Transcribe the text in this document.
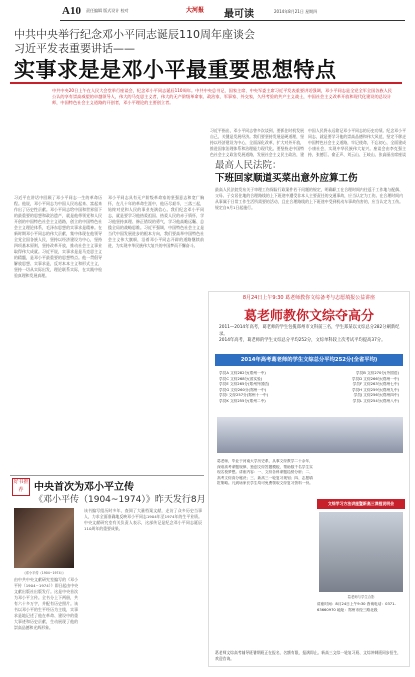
A10 责任编辑 版式设计 校对	大河报 最可读	2014年8月21日 星期四
中共中央举行纪念邓小平同志诞辰110周年座谈会
习近平发表重要讲话——
实事求是是邓小平最重要思想特点
中共中央20日上午在人民大会堂举行座谈会，纪念邓小平同志诞辰110周年。中共中央总书记、国家主席、中央军委主席习近平发表重要讲话强调，邓小平同志是全党全军全国各族人民公认的享有崇高威望的卓越领导人，伟大的马克思主义者，伟大的无产阶级革命家、政治家、军事家、外交家，久经考验的共产主义战士，中国社会主义改革开放和现代化建设的总设计师，中国特色社会主义道路的开创者，邓小平理论的主要创立者。
习近平在讲话中回顾了邓小平同志一生的革命历程。他说，邓小平同志为中国人民站起来、富起来作出了历史性贡献。邓小平同志给中国和世界留下的最重要的思想和政治遗产，就是他带领党和人民开创的中国特色社会主义道路，创立的中国特色社会主义理论体系，毛泽东思想的实事求是精神。在新时期邓小平同志的伟大贡献，集中体现在他领导全党全国各族人民，坚持以经济建设为中心，坚持四项基本原则，坚持改革开放，推动社会主义事业取得伟大成就。习近平说，实事求是是马克思主义的精髓，是邓小平最重要的思想特点。他一贯倡导解放思想、实事求是，反对本本主义和形式主义，坚持一切从实际出发，理论联系实际，在实践中检验真理和发展真理。
邓小平同志具有无产阶级革命家的坚强意志和宽广胸怀，在几十年的革命生涯中，他历尽艰辛，三落三起，始终对党和人民的事业充满信心。我们纪念邓小平同志，就是要学习他热爱祖国、热爱人民的赤子情怀，学习他坚持真理、修正错误的勇气，学习他高瞻远瞩、总揽全局的战略思维。习近平强调，中国特色社会主义是当代中国发展进步的根本方向，我们要高举中国特色社会主义伟大旗帜，沿着邓小平同志开辟的道路继续前进，为实现中华民族伟大复兴的中国梦而不懈奋斗。
习近平指出，邓小平同志曾多次谈到，要抓住时机发展自己，关键是发展经济。我们要坚持发展是硬道理，坚持以经济建设为中心，全面深化改革，扩大对外开放，推进国家治理体系和治理能力现代化。要坚持走中国特色社会主义政治发展道路，发展社会主义民主政治，建
中国人民将永远铭记邓小平同志的历史功绩。纪念邓小平同志，就是要学习他的崇高品德和伟大风范，坚定不移走中国特色社会主义道路，牢记使命，不忘初心，全面建成小康社会，实现中华民族伟大复兴。座谈会由李克强主持，张德江、俞正声、刘云山、王岐山、张高丽出席座谈
最高人民法院：
下班回家顺道买菜出意外应算工伤
最高人民法院发布关于审理工伤保险行政案件若干问题的规定，明确职工在合理时间内往返于工作地与配偶、父母、子女居住地的合理路线的上下班途中遭受非本人主要责任的交通事故，应当认定为工伤。在合理时间内从事属于日常工作生活所需要的活动，且在合理路线的上下班途中受到机动车事故伤害的，应当认定为工伤。规定自9月1日起施行。
8月24日上午9:30 葛老师教你文综备考与志愿填报公益讲座
葛老师教你文综夺高分
2011—2014年高考，葛老师的学生包揽郑州市文科前三名，学生郑某以文综总分282分刷新纪录。
2014年高考，葛老师的学生文综总分平均252分，文综单科较上次考试平均提高37分。
2014年高考葛老师的学生文综总分平均252分(全省平均)
学员A 文综282分(郑州一中)	学员B 文综270分(外国语)
学员C 文综268分(省实验)	学员D 文综266分(郑州一中)
学员E 文综265分(郑州外国语)	学员F 文综263分(郑州七中)
学员G 文综260分(郑州一中)	学员H 文综259分(郑州九中)
学员I 文综257分(郑州十一中)	学员J 文综256分(郑州四中)
学员K 文综255分(郑州二中)	学员L 文综254分(郑州八中)
葛老师，毕业于河南大学历史系，从事文综教学二十余年，深谙高考命题规律，独创文综答题模板，帮助数千名学生实现名校梦想。讲座内容：一、文综各科命题趋势分析；二、高考文综高分秘诀；三、新高三一轮复习规划；四、志愿填报策略。凡到场家长学生均可免费领取文综复习资料一份。
文综学习方法讲座暨新高三课程说明会
葛老师与学生合影
讲座时间：8月24日上午9:30 咨询电话：0371-63660970 地址：郑州市经三路北段
葛老师文综高考辅导班暑期班正在报名，名额有限，报满即止。新高三文综一轮复习班、文综冲刺班同步招生，欢迎咨询。
好书推荐	中央首次为邓小平立传
《邓小平传（1904~1974）》昨天发行8月
《邓小平传（1904~1974）》
由中共中央文献研究室编写的《邓小平传（1904~1974）》即日起由中央文献出版社出版发行。这是中央首次为邓小平立传。全书分上下两册，共有六十多万字，并配有历史照片。该书以邓小平的生平经历为主线，实事求是地记述了他在革命、建设中的重大事迹和历史贡献，生动展现了他的崇高品德和光辉形象。
该书编写组历时多年，查阅了大量档案文献，走访了众多历史当事人，力求全面准确地反映邓小平同志1904年至1974年的生平业绩。中央文献研究室有关负责人表示，这部传记是纪念邓小平同志诞辰110周年的重要成果。
